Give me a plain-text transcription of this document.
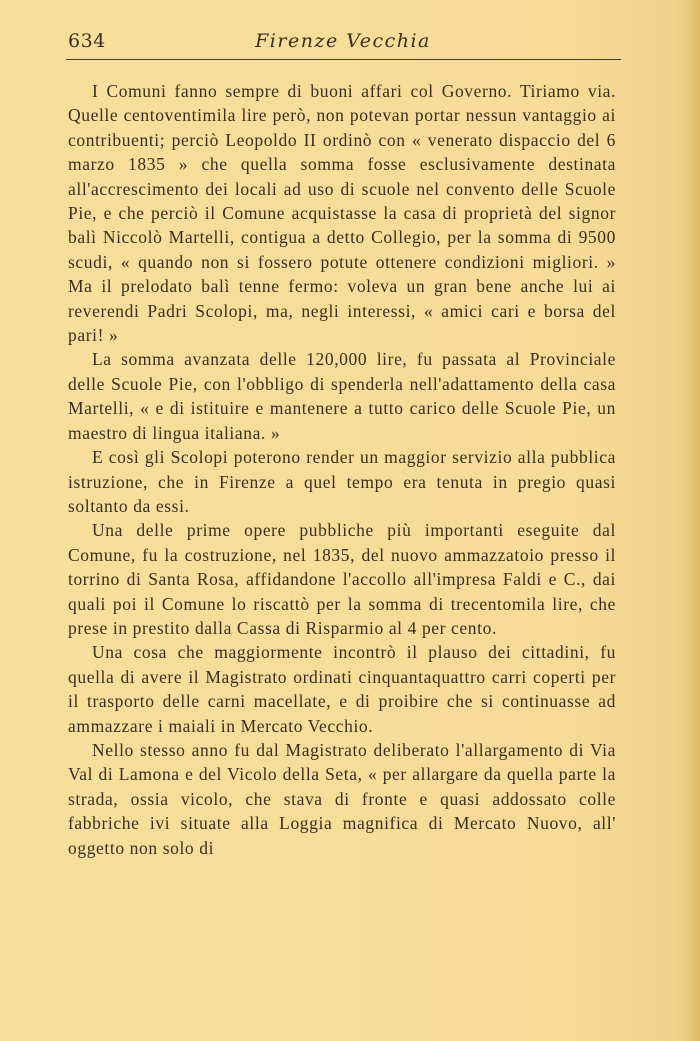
634	Firenze Vecchia

I Comuni fanno sempre di buoni affari col Governo. Tiriamo via. Quelle centoventimila lire però, non potevan portar nessun vantaggio ai contribuenti; perciò Leopoldo II ordinò con « venerato dispaccio del 6 marzo 1835 » che quella somma fosse esclusivamente destinata all'accrescimento dei locali ad uso di scuole nel convento delle Scuole Pie, e che perciò il Comune acquistasse la casa di proprietà del signor balì Niccolò Martelli, contigua a detto Collegio, per la somma di 9500 scudi, « quando non si fossero potute ottenere condizioni migliori. » Ma il prelodato balì tenne fermo: voleva un gran bene anche lui ai reverendi Padri Scolopi, ma, negli interessi, « amici cari e borsa del pari! »

La somma avanzata delle 120,000 lire, fu passata al Provinciale delle Scuole Pie, con l'obbligo di spenderla nell'adattamento della casa Martelli, « e di istituire e mantenere a tutto carico delle Scuole Pie, un maestro di lingua italiana. »

E così gli Scolopi poterono render un maggior servizio alla pubblica istruzione, che in Firenze a quel tempo era tenuta in pregio quasi soltanto da essi.

Una delle prime opere pubbliche più importanti eseguite dal Comune, fu la costruzione, nel 1835, del nuovo ammazzatoio presso il torrino di Santa Rosa, affidandone l'accollo all'impresa Faldi e C., dai quali poi il Comune lo riscattò per la somma di trecentomila lire, che prese in prestito dalla Cassa di Risparmio al 4 per cento.

Una cosa che maggiormente incontrò il plauso dei cittadini, fu quella di avere il Magistrato ordinati cinquantaquattro carri coperti per il trasporto delle carni macellate, e di proibire che si continuasse ad ammazzare i maiali in Mercato Vecchio.

Nello stesso anno fu dal Magistrato deliberato l'allargamento di Via Val di Lamona e del Vicolo della Seta, « per allargare da quella parte la strada, ossia vicolo, che stava di fronte e quasi addossato colle fabbriche ivi situate alla Loggia magnifica di Mercato Nuovo, all' oggetto non solo di
